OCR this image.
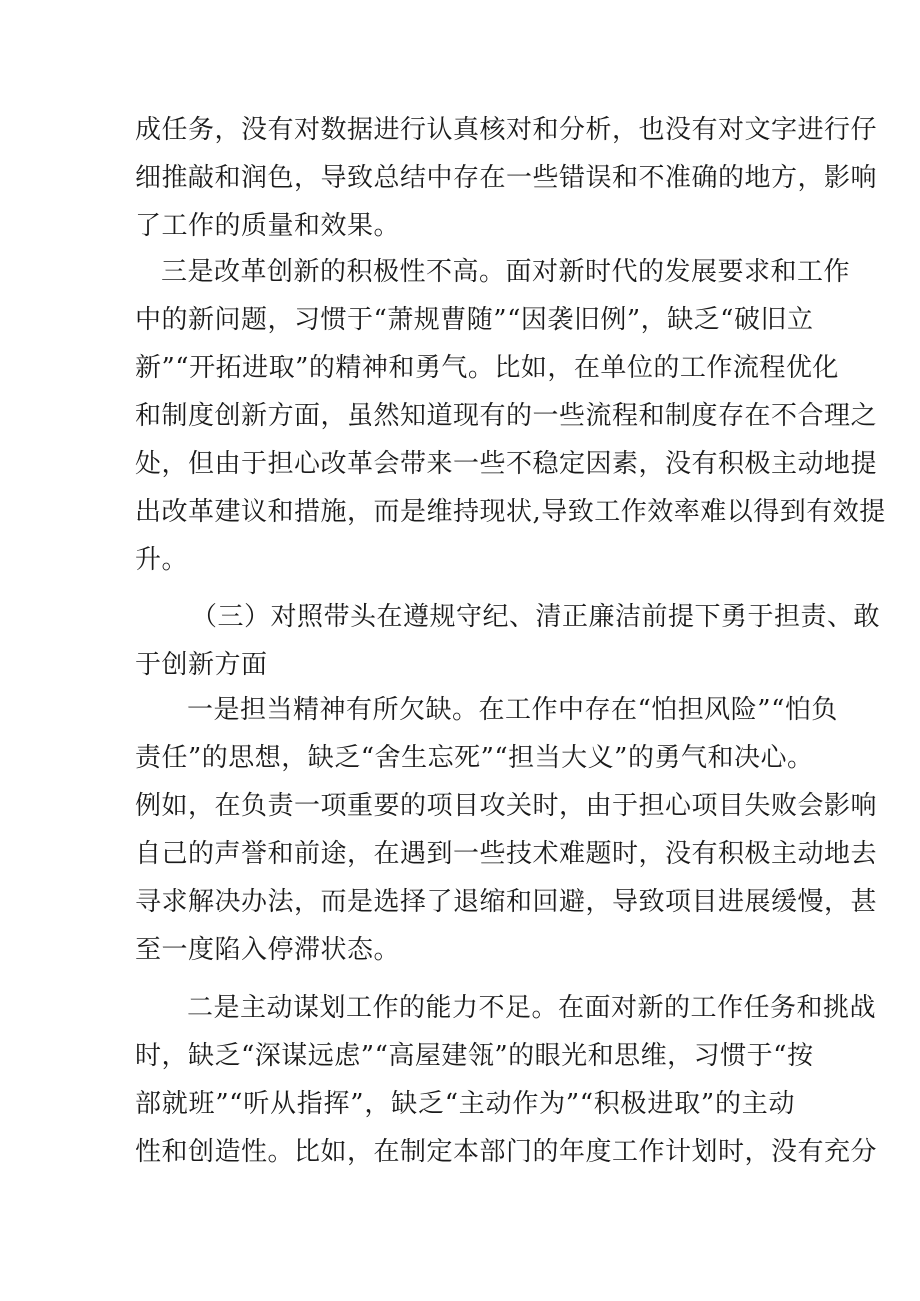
成任务，没有对数据进行认真核对和分析，也没有对文字进行仔
细推敲和润色，导致总结中存在一些错误和不准确的地方，影响
了工作的质量和效果。
三是改革创新的积极性不高。面对新时代的发展要求和工作
中的新问题，习惯于“萧规曹随”“因袭旧例”，缺乏“破旧立
新”“开拓进取”的精神和勇气。比如，在单位的工作流程优化
和制度创新方面，虽然知道现有的一些流程和制度存在不合理之
处，但由于担心改革会带来一些不稳定因素，没有积极主动地提
出改革建议和措施，而是维持现状,导致工作效率难以得到有效提
升。
（三）对照带头在遵规守纪、清正廉洁前提下勇于担责、敢
于创新方面
一是担当精神有所欠缺。在工作中存在“怕担风险”“怕负
责任”的思想，缺乏“舍生忘死”“担当大义”的勇气和决心。
例如，在负责一项重要的项目攻关时，由于担心项目失败会影响
自己的声誉和前途，在遇到一些技术难题时，没有积极主动地去
寻求解决办法，而是选择了退缩和回避，导致项目进展缓慢，甚
至一度陷入停滞状态。
二是主动谋划工作的能力不足。在面对新的工作任务和挑战
时，缺乏“深谋远虑”“高屋建瓴”的眼光和思维，习惯于“按
部就班”“听从指挥”，缺乏“主动作为”“积极进取”的主动
性和创造性。比如，在制定本部门的年度工作计划时，没有充分
